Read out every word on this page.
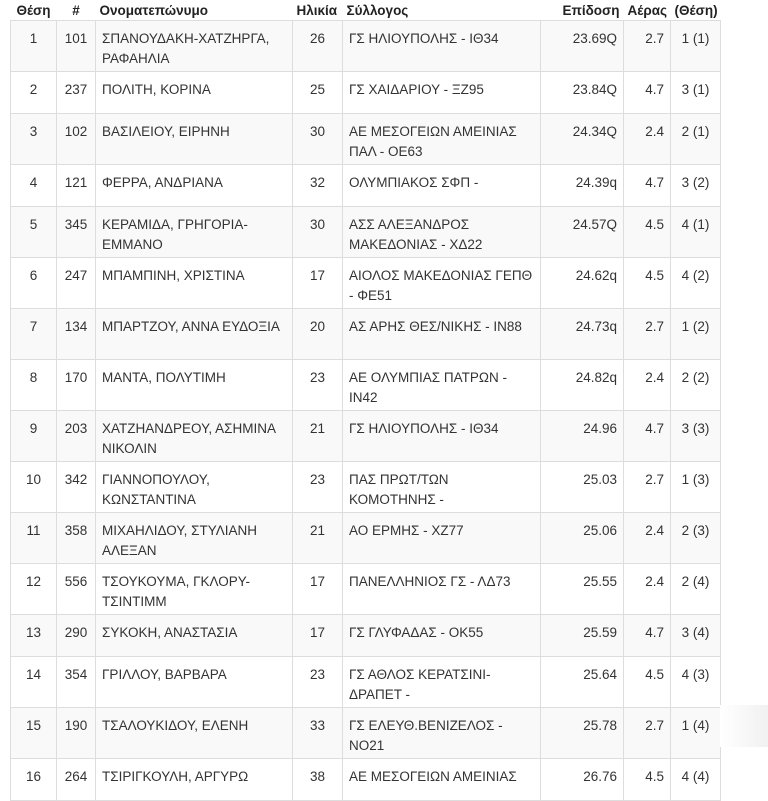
Θέση	#	Ονοματεπώνυμο	Ηλικία	Σύλλογος	Επίδοση	Αέρας	(Θέση)
1	101	ΣΠΑΝΟΥΔΑΚΗ-ΧΑΤΖΗΡΓΑ, ΡΑΦΑΗΛΙΑ	26	ΓΣ ΗΛΙΟΥΠΟΛΗΣ - ΙΘ34	23.69Q	2.7	1 (1)
2	237	ΠΟΛΙΤΗ, ΚΟΡΙΝΑ	25	ΓΣ ΧΑΙΔΑΡΙΟΥ - ΞΖ95	23.84Q	4.7	3 (1)
3	102	ΒΑΣΙΛΕΙΟΥ, ΕΙΡΗΝΗ	30	ΑΕ ΜΕΣΟΓΕΙΩΝ ΑΜΕΙΝΙΑΣ ΠΑΛ - ΟΕ63	24.34Q	2.4	2 (1)
4	121	ΦΕΡΡΑ, ΑΝΔΡΙΑΝΑ	32	ΟΛΥΜΠΙΑΚΟΣ ΣΦΠ -	24.39q	4.7	3 (2)
5	345	ΚΕΡΑΜΙΔΑ, ΓΡΗΓΟΡΙΑ-ΕΜΜΑΝΟ	30	ΑΣΣ ΑΛΕΞΑΝΔΡΟΣ ΜΑΚΕΔΟΝΙΑΣ - ΧΔ22	24.57Q	4.5	4 (1)
6	247	ΜΠΑΜΠΙΝΗ, ΧΡΙΣΤΙΝΑ	17	ΑΙΟΛΟΣ ΜΑΚΕΔΟΝΙΑΣ ΓΕΠΘ - ΦΕ51	24.62q	4.5	4 (2)
7	134	ΜΠΑΡΤΖΟΥ, ΑΝΝΑ ΕΥΔΟΞΙΑ	20	ΑΣ ΑΡΗΣ ΘΕΣ/ΝΙΚΗΣ - ΙΝ88	24.73q	2.7	1 (2)
8	170	ΜΑΝΤΑ, ΠΟΛΥΤΙΜΗ	23	ΑΕ ΟΛΥΜΠΙΑΣ ΠΑΤΡΩΝ - ΙΝ42	24.82q	2.4	2 (2)
9	203	ΧΑΤΖΗΑΝΔΡΕΟΥ, ΑΣΗΜΙΝΑ ΝΙΚΟΛΙΝ	21	ΓΣ ΗΛΙΟΥΠΟΛΗΣ - ΙΘ34	24.96	4.7	3 (3)
10	342	ΓΙΑΝΝΟΠΟΥΛΟΥ, ΚΩΝΣΤΑΝΤΙΝΑ	23	ΠΑΣ ΠΡΩΤ/ΤΩΝ ΚΟΜΟΤΗΝΗΣ -	25.03	2.7	1 (3)
11	358	ΜΙΧΑΗΛΙΔΟΥ, ΣΤΥΛΙΑΝΗ ΑΛΕΞΑΝ	21	ΑΟ ΕΡΜΗΣ - ΧΖ77	25.06	2.4	2 (3)
12	556	ΤΣΟΥΚΟΥΜΑ, ΓΚΛΟΡΥ-ΤΣΙΝΤΙΜΜ	17	ΠΑΝΕΛΛΗΝΙΟΣ ΓΣ - ΛΔ73	25.55	2.4	2 (4)
13	290	ΣΥΚΟΚΗ, ΑΝΑΣΤΑΣΙΑ	17	ΓΣ ΓΛΥΦΑΔΑΣ - ΟΚ55	25.59	4.7	3 (4)
14	354	ΓΡΙΛΛΟΥ, ΒΑΡΒΑΡΑ	23	ΓΣ ΑΘΛΟΣ ΚΕΡΑΤΣΙΝΙ-ΔΡΑΠΕΤ -	25.64	4.5	4 (3)
15	190	ΤΣΑΛΟΥΚΙΔΟΥ, ΕΛΕΝΗ	33	ΓΣ ΕΛΕΥΘ.ΒΕΝΙΖΕΛΟΣ - ΝΟ21	25.78	2.7	1 (4)
16	264	ΤΣΙΡΙΓΚΟΥΛΗ, ΑΡΓΥΡΩ	38	ΑΕ ΜΕΣΟΓΕΙΩΝ ΑΜΕΙΝΙΑΣ	26.76	4.5	4 (4)
